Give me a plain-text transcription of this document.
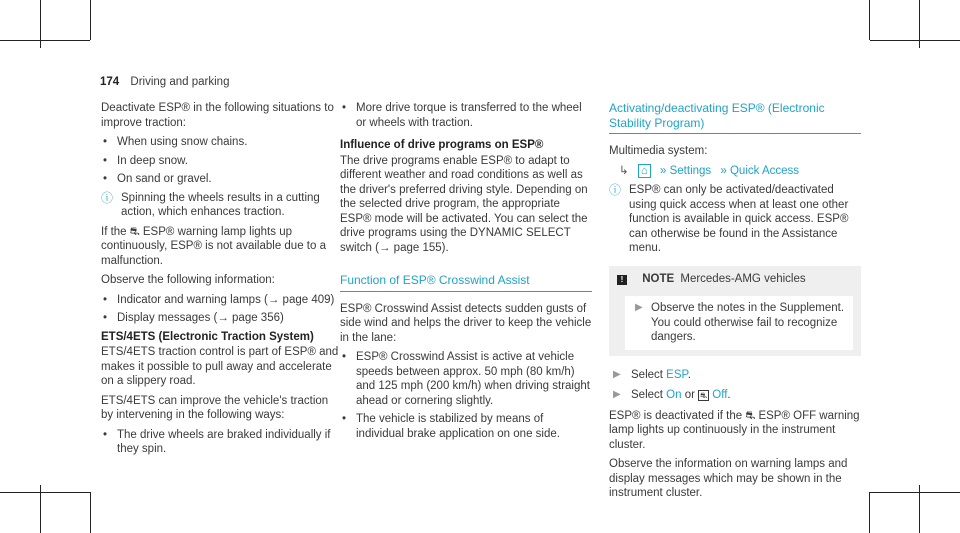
174 Driving and parking

Deactivate ESP® in the following situations to improve traction:

• When using snow chains.
• In deep snow.
• On sand or gravel.
ⓘ Spinning the wheels results in a cutting action, which enhances traction.

If the ⛐ ESP® warning lamp lights up continuously, ESP® is not available due to a malfunction.

Observe the following information:

• Indicator and warning lamps (→ page 409)
• Display messages (→ page 356)
ETS/4ETS (Electronic Traction System)

ETS/4ETS traction control is part of ESP® and makes it possible to pull away and accelerate on a slippery road.

ETS/4ETS can improve the vehicle's traction by intervening in the following ways:

• The drive wheels are braked individually if they spin.
• More drive torque is transferred to the wheel or wheels with traction.
Influence of drive programs on ESP®

The drive programs enable ESP® to adapt to different weather and road conditions as well as the driver's preferred driving style. Depending on the selected drive program, the appropriate ESP® mode will be activated. You can select the drive programs using the DYNAMIC SELECT switch (→ page 155).

Function of ESP® Crosswind Assist

ESP® Crosswind Assist detects sudden gusts of side wind and helps the driver to keep the vehicle in the lane:

• ESP® Crosswind Assist is active at vehicle speeds between approx. 50 mph (80 km/h) and 125 mph (200 km/h) when driving straight ahead or cornering slightly.
• The vehicle is stabilized by means of individual brake application on one side.
Activating/deactivating ESP® (Electronic Stability Program)

Multimedia system:

↳ ⌂ » Settings » Quick Access

ⓘ ESP® can only be activated/deactivated using quick access when at least one other function is available in quick access. ESP® can otherwise be found in the Assistance menu.
! NOTE Mercedes-AMG vehicles
▶ Observe the notes in the Supplement. You could otherwise fail to recognize dangers.
▶ Select ESP.
▶ Select On or ⛐ Off.

ESP® is deactivated if the ⛐ ESP® OFF warning lamp lights up continuously in the instrument cluster.

Observe the information on warning lamps and display messages which may be shown in the instrument cluster.
